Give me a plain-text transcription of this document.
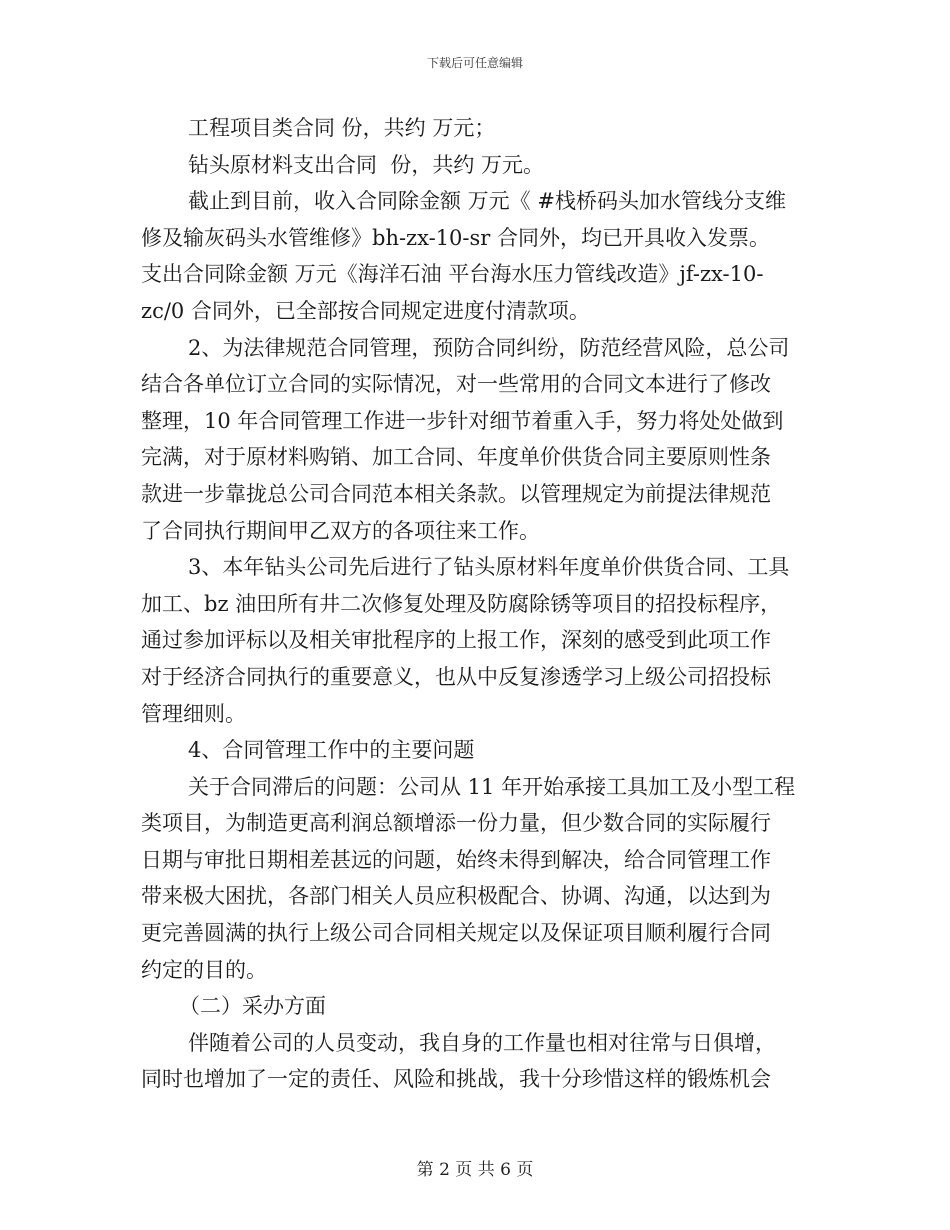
下载后可任意编辑
工程项目类合同 份，共约 万元；
钻头原材料支出合同  份，共约 万元。
截止到目前，收入合同除金额 万元《 #栈桥码头加水管线分支维
修及输灰码头水管维修》bh-zx-10-sr 合同外，均已开具收入发票。
支出合同除金额 万元《海洋石油 平台海水压力管线改造》jf-zx-10-
zc/0 合同外，已全部按合同规定进度付清款项。
2、为法律规范合同管理，预防合同纠纷，防范经营风险，总公司
结合各单位订立合同的实际情况，对一些常用的合同文本进行了修改
整理，10 年合同管理工作进一步针对细节着重入手，努力将处处做到
完满，对于原材料购销、加工合同、年度单价供货合同主要原则性条
款进一步靠拢总公司合同范本相关条款。以管理规定为前提法律规范
了合同执行期间甲乙双方的各项往来工作。
3、本年钻头公司先后进行了钻头原材料年度单价供货合同、工具
加工、bz 油田所有井二次修复处理及防腐除锈等项目的招投标程序，
通过参加评标以及相关审批程序的上报工作，深刻的感受到此项工作
对于经济合同执行的重要意义，也从中反复渗透学习上级公司招投标
管理细则。
4、合同管理工作中的主要问题
关于合同滞后的问题：公司从 11 年开始承接工具加工及小型工程
类项目，为制造更高利润总额增添一份力量，但少数合同的实际履行
日期与审批日期相差甚远的问题，始终未得到解决，给合同管理工作
带来极大困扰，各部门相关人员应积极配合、协调、沟通，以达到为
更完善圆满的执行上级公司合同相关规定以及保证项目顺利履行合同
约定的目的。
（二）采办方面
伴随着公司的人员变动，我自身的工作量也相对往常与日俱增，
同时也增加了一定的责任、风险和挑战，我十分珍惜这样的锻炼机会
第 2 页 共 6 页
